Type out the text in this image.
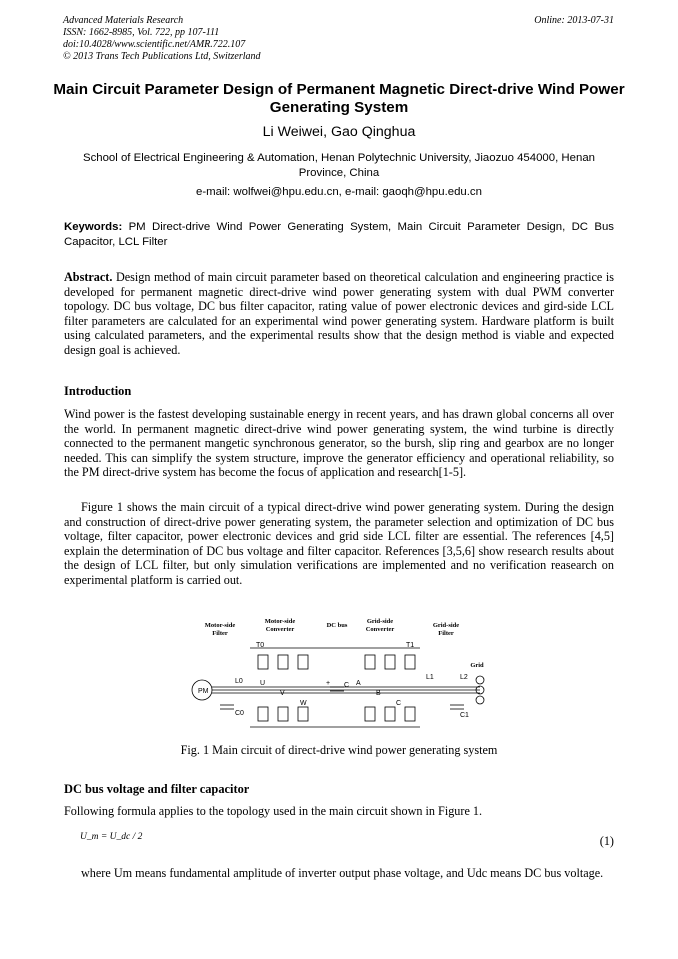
Advanced Materials Research
ISSN: 1662-8985, Vol. 722, pp 107-111
doi:10.4028/www.scientific.net/AMR.722.107
© 2013 Trans Tech Publications Ltd, Switzerland
Online: 2013-07-31
Main Circuit Parameter Design of Permanent Magnetic Direct-drive Wind Power Generating System
Li Weiwei, Gao Qinghua
School of Electrical Engineering & Automation, Henan Polytechnic University, Jiaozuo 454000, Henan Province, China
e-mail: wolfwei@hpu.edu.cn, e-mail: gaoqh@hpu.edu.cn
Keywords: PM Direct-drive Wind Power Generating System, Main Circuit Parameter Design, DC Bus Capacitor, LCL Filter
Abstract. Design method of main circuit parameter based on theoretical calculation and engineering practice is developed for permanent magnetic direct-drive wind power generating system with dual PWM converter topology. DC bus voltage, DC bus filter capacitor, rating value of power electronic devices and gird-side LCL filter parameters are calculated for an experimental wind power generating system. Hardware platform is built using calculated parameters, and the experimental results show that the design method is viable and expected design goal is achieved.
Introduction
Wind power is the fastest developing sustainable energy in recent years, and has drawn global concerns all over the world. In permanent magnetic direct-drive wind power generating system, the wind turbine is directly connected to the permanent mangetic synchronous generator, so the bursh, slip ring and gearbox are no longer needed. This can simplify the system structure, improve the generator efficiency and operational reliability, so the PM direct-drive system has become the focus of application and research[1-5].
Figure 1 shows the main circuit of a typical direct-drive wind power generating system. During the design and construction of direct-drive power generating system, the parameter selection and optimization of DC bus voltage, filter capacitor, power electronic devices and grid side LCL filter are essential. The references [4,5] explain the determination of DC bus voltage and filter capacitor. References [3,5,6] show research results about the design of LCL filter, but only simulation verifications are implemented and no verification reasearch on experimental platform is carried out.
Motor-side
Filter
Motor-side
Converter
DC bus
Grid-side
Converter
Grid-side
Filter
Grid
PM
T0	T1
L0
C0
U
V
W
C
+	A
B
C
L1	L2
C1
Fig. 1 Main circuit of direct-drive wind power generating system
DC bus voltage and filter capacitor
Following formula applies to the topology used in the main circuit shown in Figure 1.
U_m = U_dc / 2	(1)
where Um means fundamental amplitude of inverter output phase voltage, and Udc means DC bus voltage.
